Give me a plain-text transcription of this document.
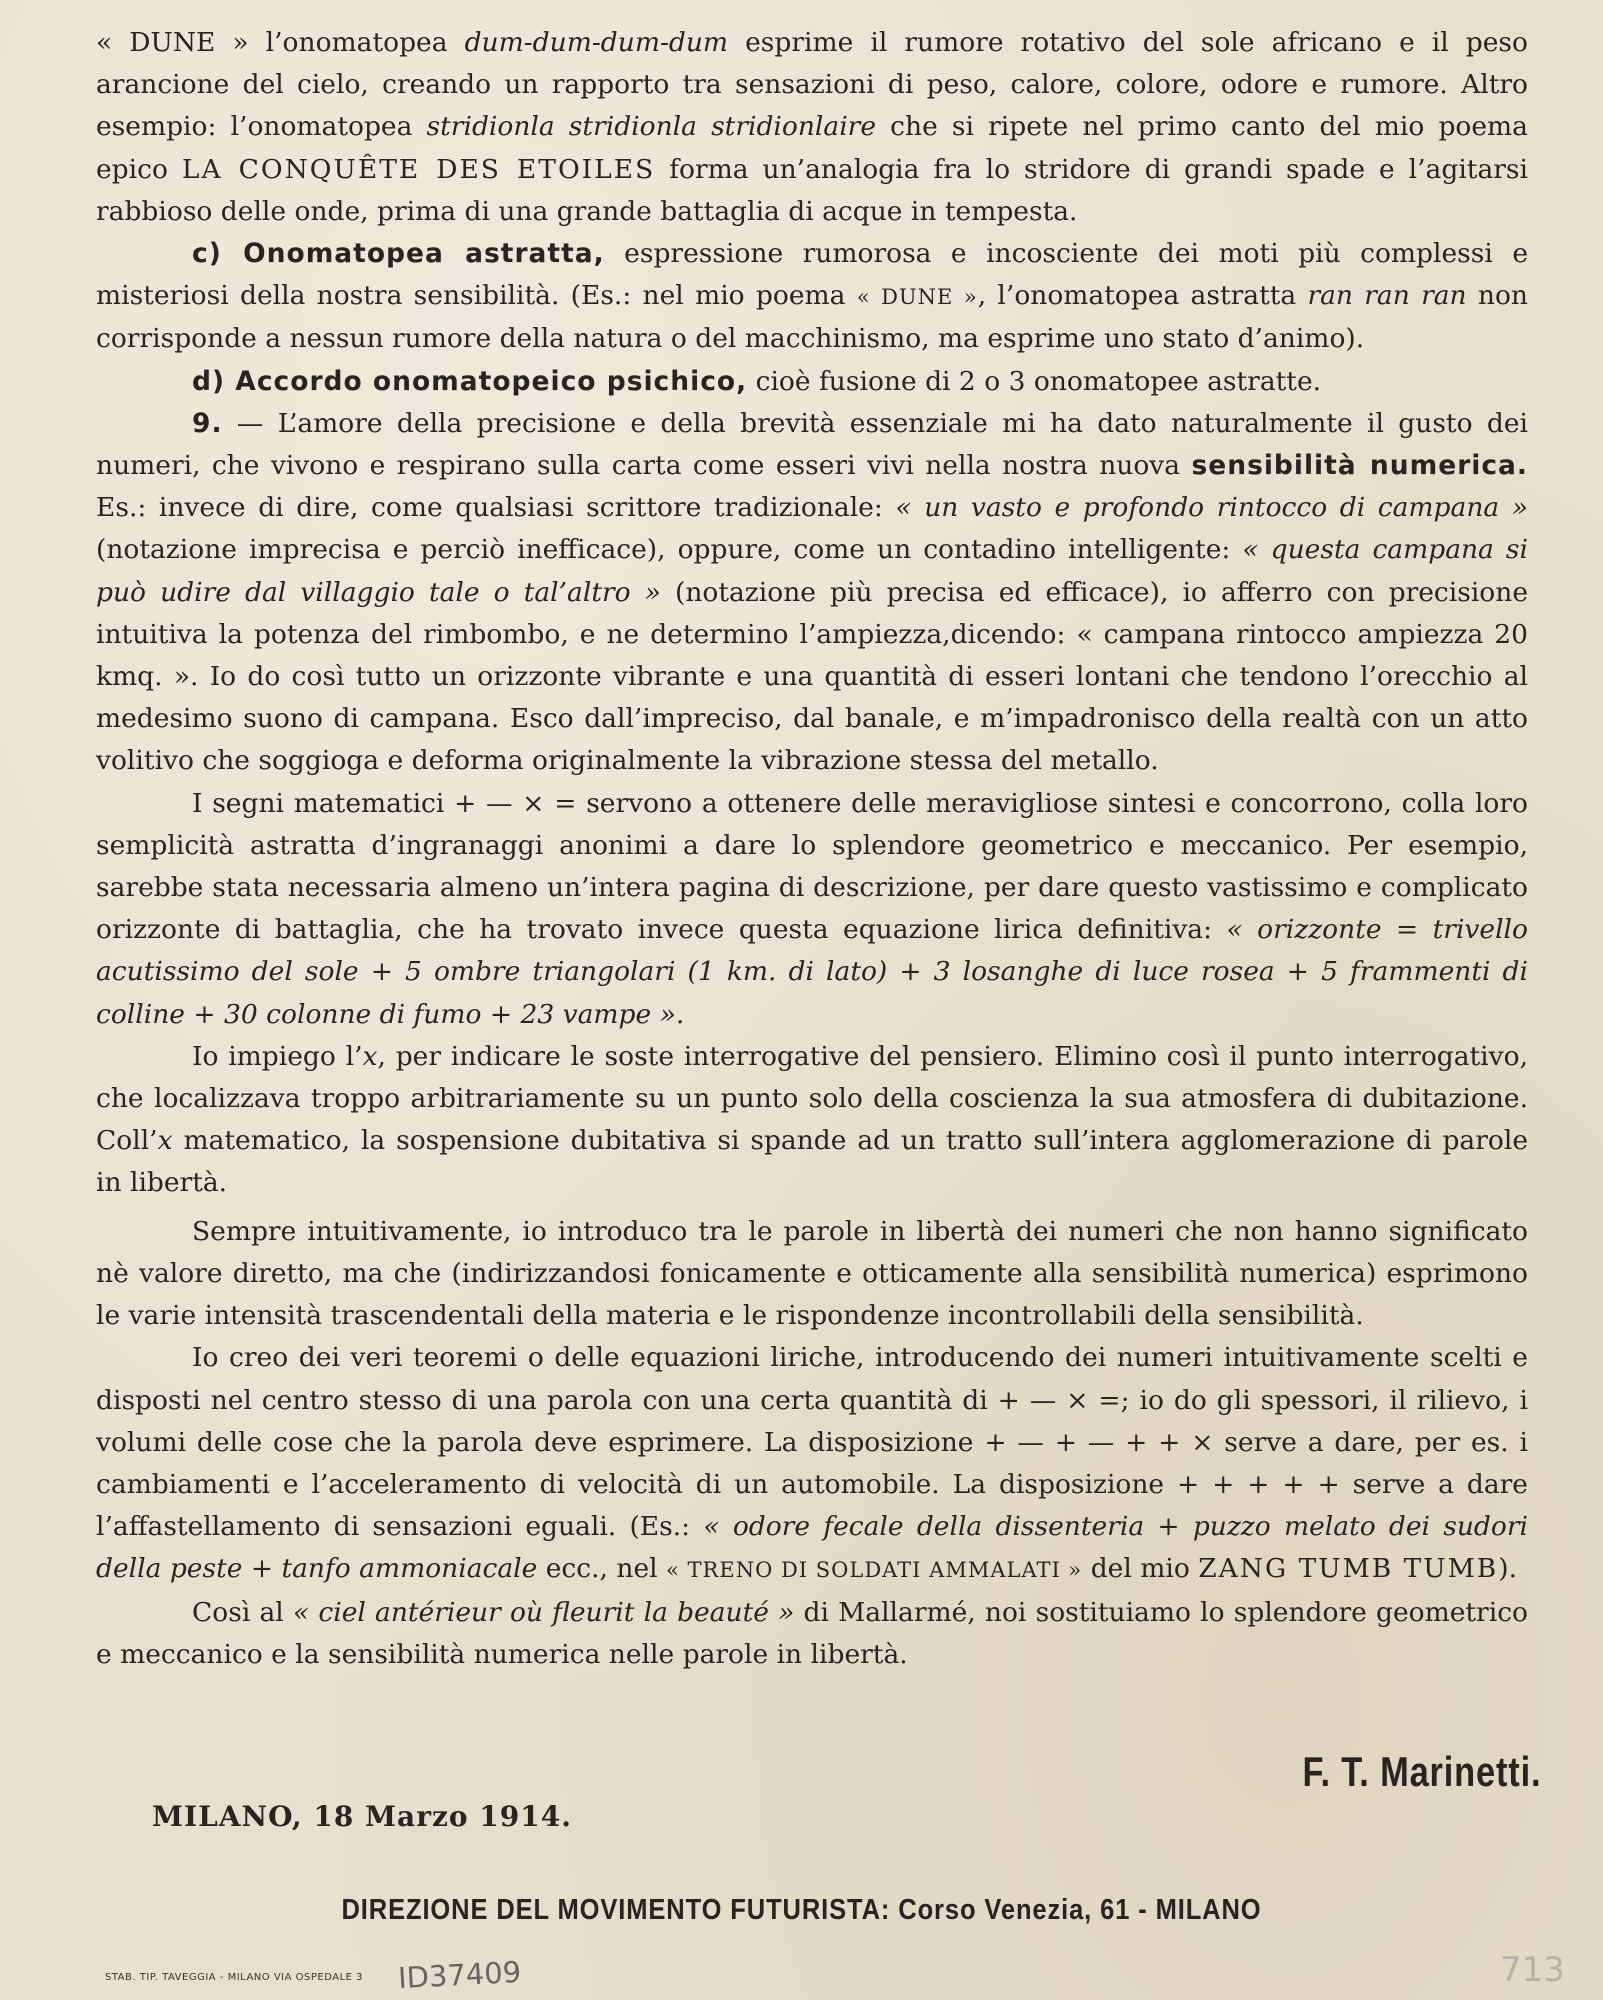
« DUNE » l’onomatopea dum-dum-dum-dum esprime il rumore rotativo del sole africano e il peso arancione del cielo, creando un rapporto tra sensazioni di peso, calore, colore, odore e rumore. Altro esempio: l’onomatopea stridionla stridionla stridionlaire che si ripete nel primo canto del mio poema epico LA CONQUÊTE DES ETOILES forma un’analogia fra lo stridore di grandi spade e l’agitarsi rabbioso delle onde, prima di una grande battaglia di acque in tempesta.

c) Onomatopea astratta, espressione rumorosa e incosciente dei moti più complessi e misteriosi della nostra sensibilità. (Es.: nel mio poema « DUNE », l’onomatopea astratta ran ran ran non corrisponde a nessun rumore della natura o del macchinismo, ma esprime uno stato d’animo).

d) Accordo onomatopeico psichico, cioè fusione di 2 o 3 onomatopee astratte.

9. — L’amore della precisione e della brevità essenziale mi ha dato naturalmente il gusto dei numeri, che vivono e respirano sulla carta come esseri vivi nella nostra nuova sensibilità numerica. Es.: invece di dire, come qualsiasi scrittore tradizionale: « un vasto e profondo rintocco di campana » (notazione imprecisa e perciò inefficace), oppure, come un contadino intelligente: « questa campana si può udire dal villaggio tale o tal’altro » (notazione più precisa ed efficace), io afferro con precisione intuitiva la potenza del rimbombo, e ne determino l’ampiezza,dicendo: « campana rintocco ampiezza 20 kmq. ». Io do così tutto un orizzonte vibrante e una quantità di esseri lontani che tendono l’orecchio al medesimo suono di campana. Esco dall’impreciso, dal banale, e m’impadronisco della realtà con un atto volitivo che soggioga e deforma originalmente la vibrazione stessa del metallo.

I segni matematici + — × = servono a ottenere delle meravigliose sintesi e concorrono, colla loro semplicità astratta d’ingranaggi anonimi a dare lo splendore geometrico e meccanico. Per esempio, sarebbe stata necessaria almeno un’intera pagina di descrizione, per dare questo vastissimo e complicato orizzonte di battaglia, che ha trovato invece questa equazione lirica definitiva: « orizzonte = trivello acutissimo del sole + 5 ombre triangolari (1 km. di lato) + 3 losanghe di luce rosea + 5 frammenti di colline + 30 colonne di fumo + 23 vampe ».

Io impiego l’x, per indicare le soste interrogative del pensiero. Elimino così il punto interrogativo, che localizzava troppo arbitrariamente su un punto solo della coscienza la sua atmosfera di dubitazione. Coll’x matematico, la sospensione dubitativa si spande ad un tratto sull’intera agglomerazione di parole in libertà.

Sempre intuitivamente, io introduco tra le parole in libertà dei numeri che non hanno significato nè valore diretto, ma che (indirizzandosi fonicamente e otticamente alla sensibilità numerica) esprimono le varie intensità trascendentali della materia e le rispondenze incontrollabili della sensibilità.

Io creo dei veri teoremi o delle equazioni liriche, introducendo dei numeri intuitivamente scelti e disposti nel centro stesso di una parola con una certa quantità di + — × =; io do gli spessori, il rilievo, i volumi delle cose che la parola deve esprimere. La disposizione + — + — + + × serve a dare, per es. i cambiamenti e l’acceleramento di velocità di un automobile. La disposizione + + + + + serve a dare l’affastellamento di sensazioni eguali. (Es.: « odore fecale della dissenteria + puzzo melato dei sudori della peste + tanfo ammoniacale ecc., nel « TRENO DI SOLDATI AMMALATI » del mio ZANG TUMB TUMB).

Così al « ciel antérieur où fleurit la beauté » di Mallarmé, noi sostituiamo lo splendore geometrico e meccanico e la sensibilità numerica nelle parole in libertà.

F. T. Marinetti.
MILANO, 18 Marzo 1914.
DIREZIONE DEL MOVIMENTO FUTURISTA: Corso Venezia, 61 - MILANO
STAB. TIP. TAVEGGIA - MILANO VIA OSPEDALE 3 ID37409	713
